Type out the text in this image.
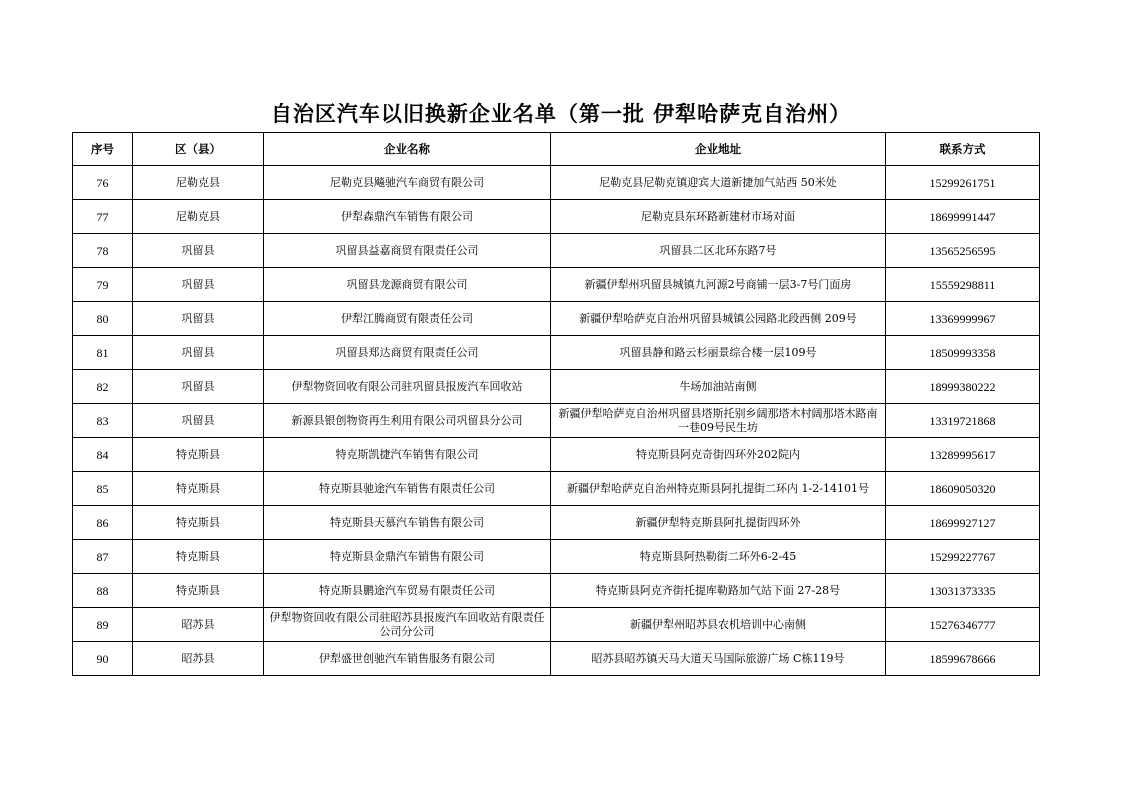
自治区汽车以旧换新企业名单（第一批 伊犁哈萨克自治州）
序号	区（县）	企业名称	企业地址	联系方式
76	尼勒克县	尼勒克县飚驰汽车商贸有限公司	尼勒克县尼勒克镇迎宾大道新捷加气站西 50米处	15299261751
77	尼勒克县	伊犁森鼎汽车销售有限公司	尼勒克县东环路新建材市场对面	18699991447
78	巩留县	巩留县益嘉商贸有限责任公司	巩留县二区北环东路7号	13565256595
79	巩留县	巩留县龙源商贸有限公司	新疆伊犁州巩留县城镇九河源2号商铺一层3-7号门面房	15559298811
80	巩留县	伊犁江腾商贸有限责任公司	新疆伊犁哈萨克自治州巩留县城镇公园路北段西侧 209号	13369999967
81	巩留县	巩留县郑达商贸有限责任公司	巩留县静和路云杉丽景综合楼一层109号	18509993358
82	巩留县	伊犁物资回收有限公司驻巩留县报废汽车回收站	牛场加油站南侧	18999380222
83	巩留县	新源县银创物资再生利用有限公司巩留县分公司	新疆伊犁哈萨克自治州巩留县塔斯托别乡阔那塔木村阔那塔木路南一巷09号民生坊	13319721868
84	特克斯县	特克斯凯捷汽车销售有限公司	特克斯县阿克奇街四环外202院内	13289995617
85	特克斯县	特克斯县驰途汽车销售有限责任公司	新疆伊犁哈萨克自治州特克斯县阿扎提街二环内 1-2-14101号	18609050320
86	特克斯县	特克斯县天慕汽车销售有限公司	新疆伊犁特克斯县阿扎提街四环外	18699927127
87	特克斯县	特克斯县金鼎汽车销售有限公司	特克斯县阿热勒街二环外6-2-45	15299227767
88	特克斯县	特克斯县鹏途汽车贸易有限责任公司	特克斯县阿克齐街托提库勒路加气站下面 27-28号	13031373335
89	昭苏县	伊犁物资回收有限公司驻昭苏县报废汽车回收站有限责任公司分公司	新疆伊犁州昭苏县农机培训中心南侧	15276346777
90	昭苏县	伊犁盛世创驰汽车销售服务有限公司	昭苏县昭苏镇天马大道天马国际旅游广场 C栋119号	18599678666
